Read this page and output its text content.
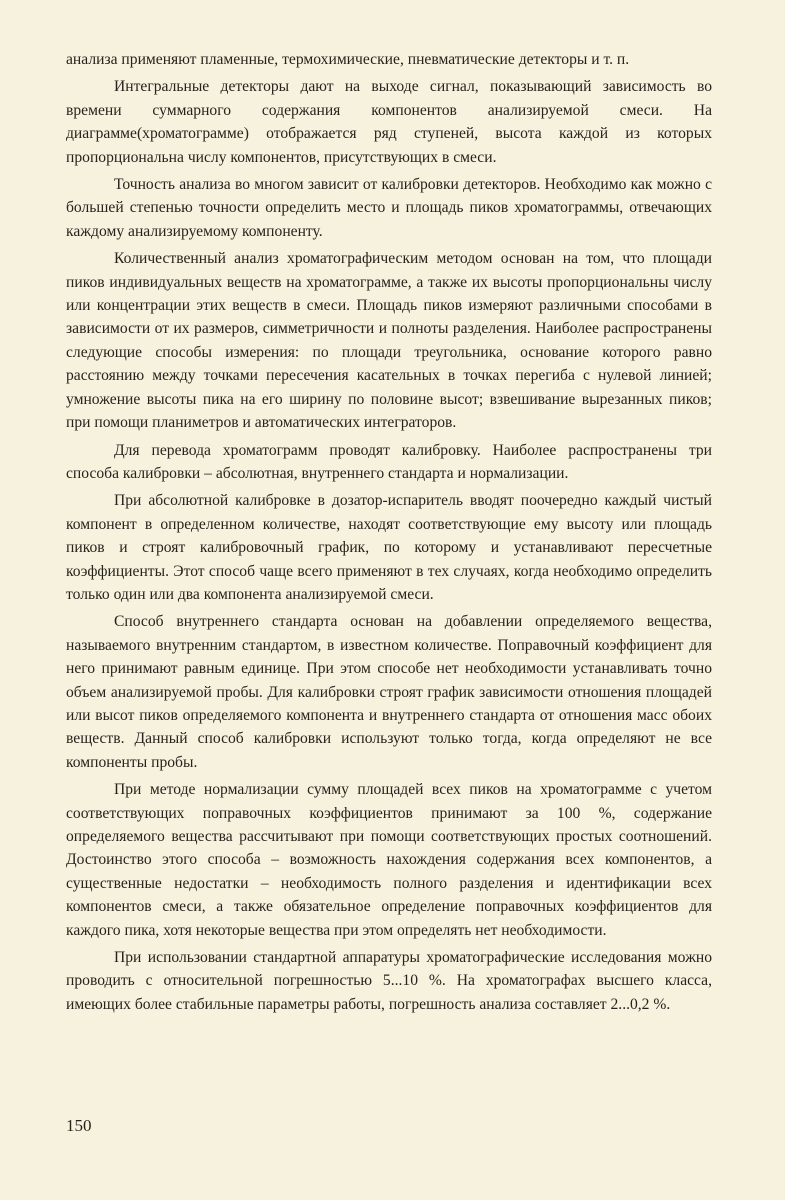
анализа применяют пламенные, термохимические, пневматические детекторы и т. п.

Интегральные детекторы дают на выходе сигнал, показывающий зависимость во времени суммарного содержания компонентов анализируемой смеси. На диаграмме(хроматограмме) отображается ряд ступеней, высота каждой из которых пропорциональна числу компонентов, присутствующих в смеси.

Точность анализа во многом зависит от калибровки детекторов. Необходимо как можно с большей степенью точности определить место и площадь пиков хроматограммы, отвечающих каждому анализируемому компоненту.

Количественный анализ хроматографическим методом основан на том, что площади пиков индивидуальных веществ на хроматограмме, а также их высоты пропорциональны числу или концентрации этих веществ в смеси. Площадь пиков измеряют различными способами в зависимости от их размеров, симметричности и полноты разделения. Наиболее распространены следующие способы измерения: по площади треугольника, основание которого равно расстоянию между точками пересечения касательных в точках перегиба с нулевой линией; умножение высоты пика на его ширину по половине высот; взвешивание вырезанных пиков; при помощи планиметров и автоматических интеграторов.

Для перевода хроматограмм проводят калибровку. Наиболее распространены три способа калибровки – абсолютная, внутреннего стандарта и нормализации.

При абсолютной калибровке в дозатор-испаритель вводят поочередно каждый чистый компонент в определенном количестве, находят соответствующие ему высоту или площадь пиков и строят калибровочный график, по которому и устанавливают пересчетные коэффициенты. Этот способ чаще всего применяют в тех случаях, когда необходимо определить только один или два компонента анализируемой смеси.

Способ внутреннего стандарта основан на добавлении определяемого вещества, называемого внутренним стандартом, в известном количестве. Поправочный коэффициент для него принимают равным единице. При этом способе нет необходимости устанавливать точно объем анализируемой пробы. Для калибровки строят график зависимости отношения площадей или высот пиков определяемого компонента и внутреннего стандарта от отношения масс обоих веществ. Данный способ калибровки используют только тогда, когда определяют не все компоненты пробы.

При методе нормализации сумму площадей всех пиков на хроматограмме с учетом соответствующих поправочных коэффициентов принимают за 100 %, содержание определяемого вещества рассчитывают при помощи соответствующих простых соотношений. Достоинство этого способа – возможность нахождения содержания всех компонентов, а существенные недостатки – необходимость полного разделения и идентификации всех компонентов смеси, а также обязательное определение поправочных коэффициентов для каждого пика, хотя некоторые вещества при этом определять нет необходимости.

При использовании стандартной аппаратуры хроматографические исследования можно проводить с относительной погрешностью 5...10 %. На хроматографах высшего класса, имеющих более стабильные параметры работы, погрешность анализа составляет 2...0,2 %.

150
